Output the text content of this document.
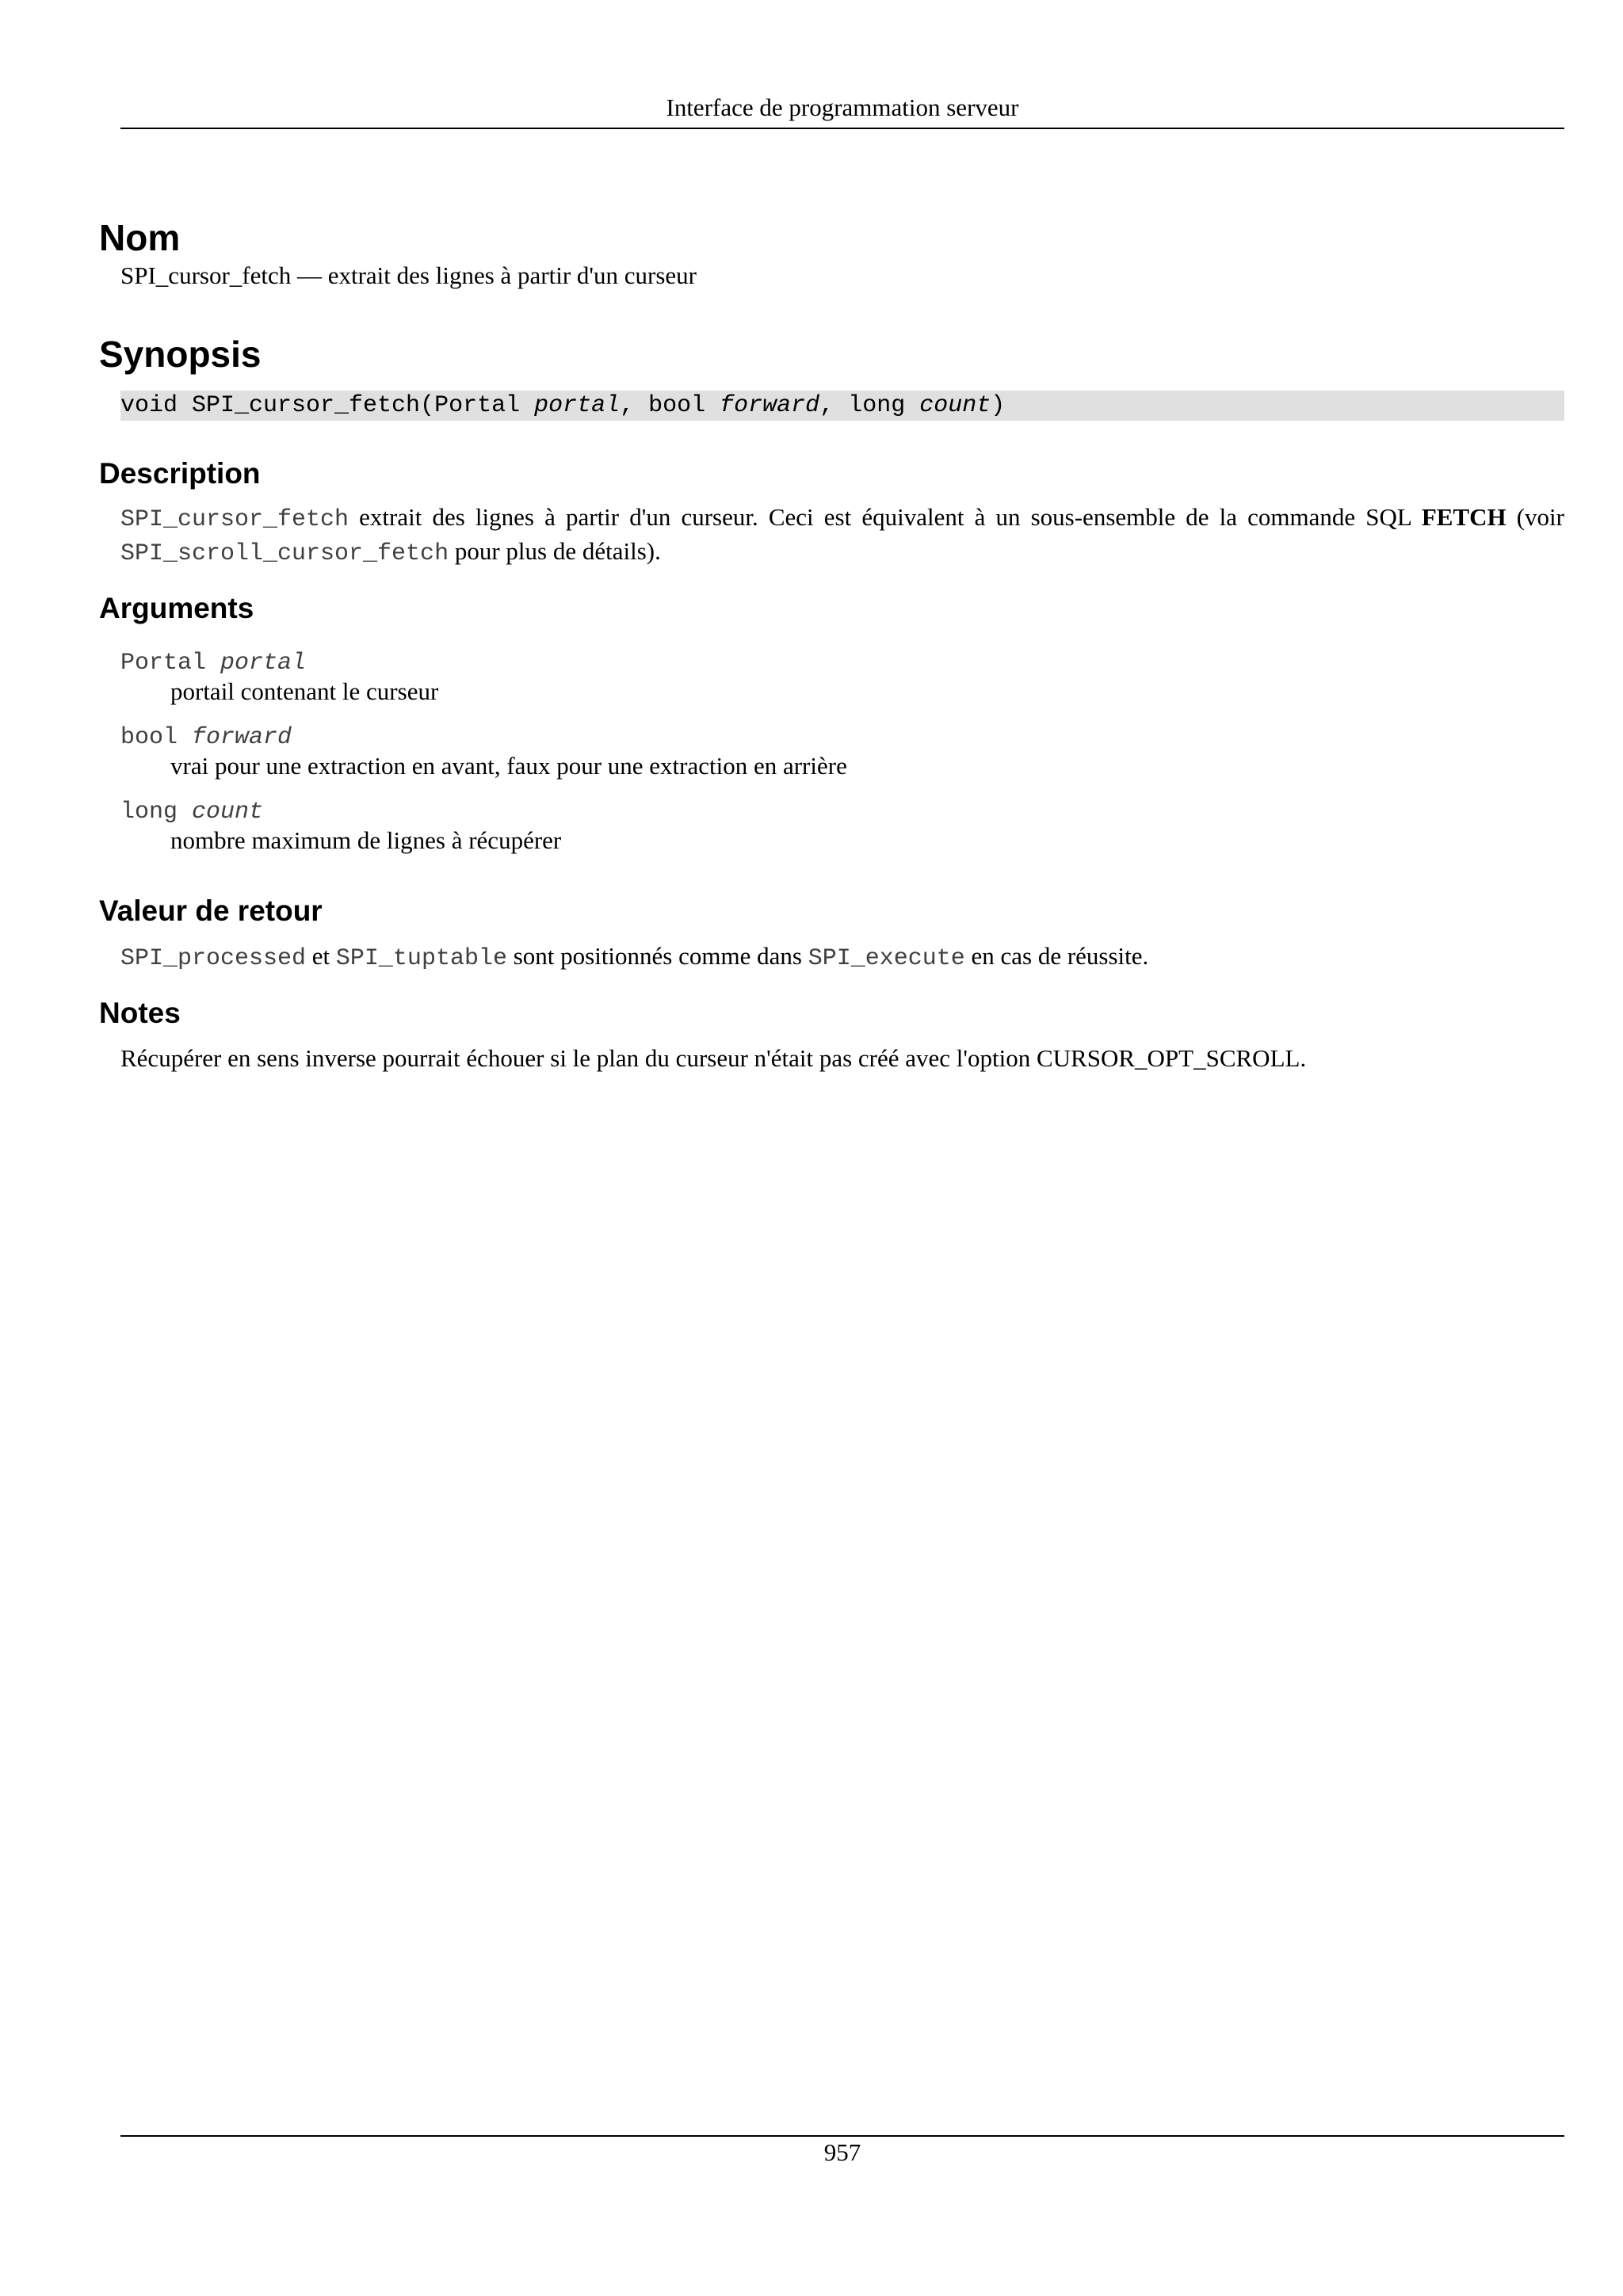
Interface de programmation serveur
Nom
SPI_cursor_fetch — extrait des lignes à partir d'un curseur
Synopsis
void SPI_cursor_fetch(Portal portal, bool forward, long count)
Description
SPI_cursor_fetch extrait des lignes à partir d'un curseur. Ceci est équivalent à un sous-ensemble de la commande SQL FETCH (voir SPI_scroll_cursor_fetch pour plus de détails).
Arguments
Portal portal
portail contenant le curseur
bool forward
vrai pour une extraction en avant, faux pour une extraction en arrière
long count
nombre maximum de lignes à récupérer
Valeur de retour
SPI_processed et SPI_tuptable sont positionnés comme dans SPI_execute en cas de réussite.
Notes
Récupérer en sens inverse pourrait échouer si le plan du curseur n'était pas créé avec l'option CURSOR_OPT_SCROLL.
957
